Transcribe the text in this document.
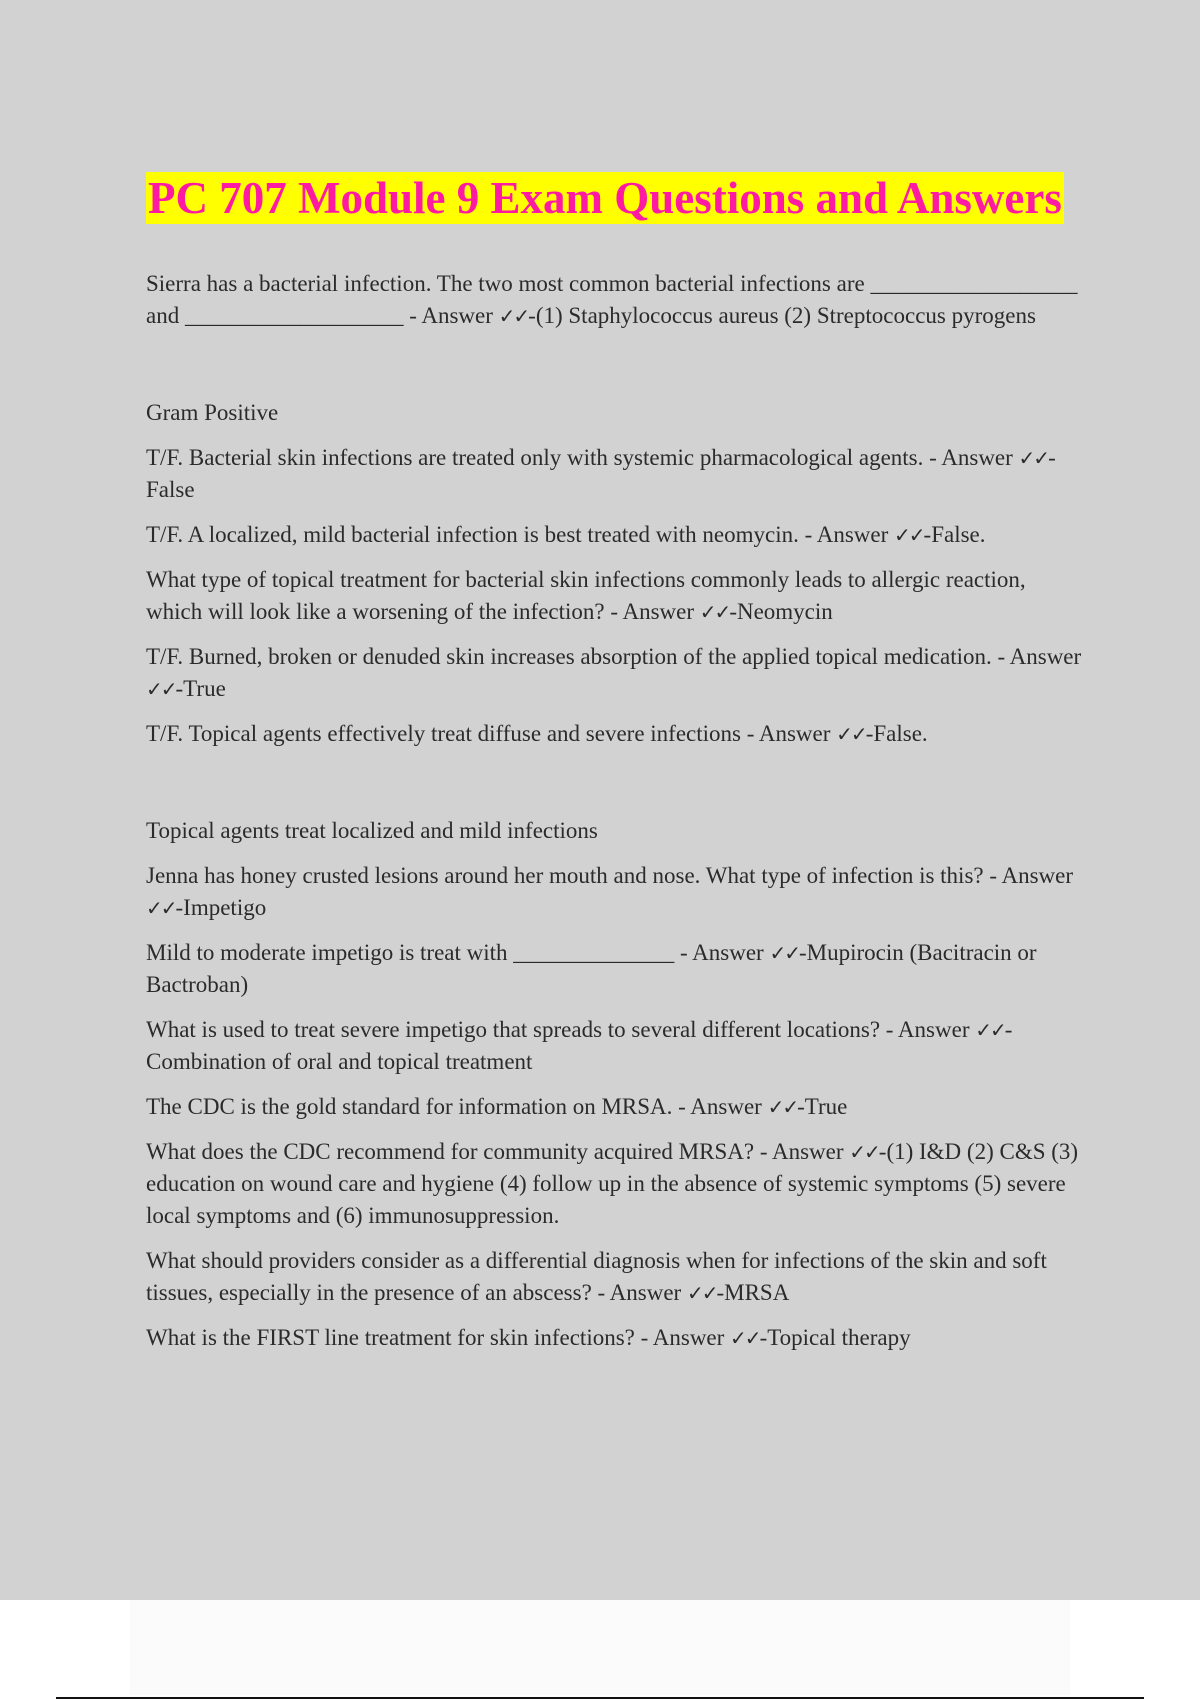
PC 707 Module 9 Exam Questions and Answers

Sierra has a bacterial infection. The two most common bacterial infections are __________________ and ___________________ - Answer ✓✓-(1) Staphylococcus aureus (2) Streptococcus pyrogens

Gram Positive

T/F. Bacterial skin infections are treated only with systemic pharmacological agents. - Answer ✓✓-False

T/F. A localized, mild bacterial infection is best treated with neomycin. - Answer ✓✓-False.

What type of topical treatment for bacterial skin infections commonly leads to allergic reaction, which will look like a worsening of the infection? - Answer ✓✓-Neomycin

T/F. Burned, broken or denuded skin increases absorption of the applied topical medication. - Answer ✓✓-True

T/F. Topical agents effectively treat diffuse and severe infections - Answer ✓✓-False.

Topical agents treat localized and mild infections

Jenna has honey crusted lesions around her mouth and nose. What type of infection is this? - Answer ✓✓-Impetigo

Mild to moderate impetigo is treat with ______________ - Answer ✓✓-Mupirocin (Bacitracin or Bactroban)

What is used to treat severe impetigo that spreads to several different locations? - Answer ✓✓-Combination of oral and topical treatment

The CDC is the gold standard for information on MRSA. - Answer ✓✓-True

What does the CDC recommend for community acquired MRSA? - Answer ✓✓-(1) I&D (2) C&S (3) education on wound care and hygiene (4) follow up in the absence of systemic symptoms (5) severe local symptoms and (6) immunosuppression.

What should providers consider as a differential diagnosis when for infections of the skin and soft tissues, especially in the presence of an abscess? - Answer ✓✓-MRSA

What is the FIRST line treatment for skin infections? - Answer ✓✓-Topical therapy
